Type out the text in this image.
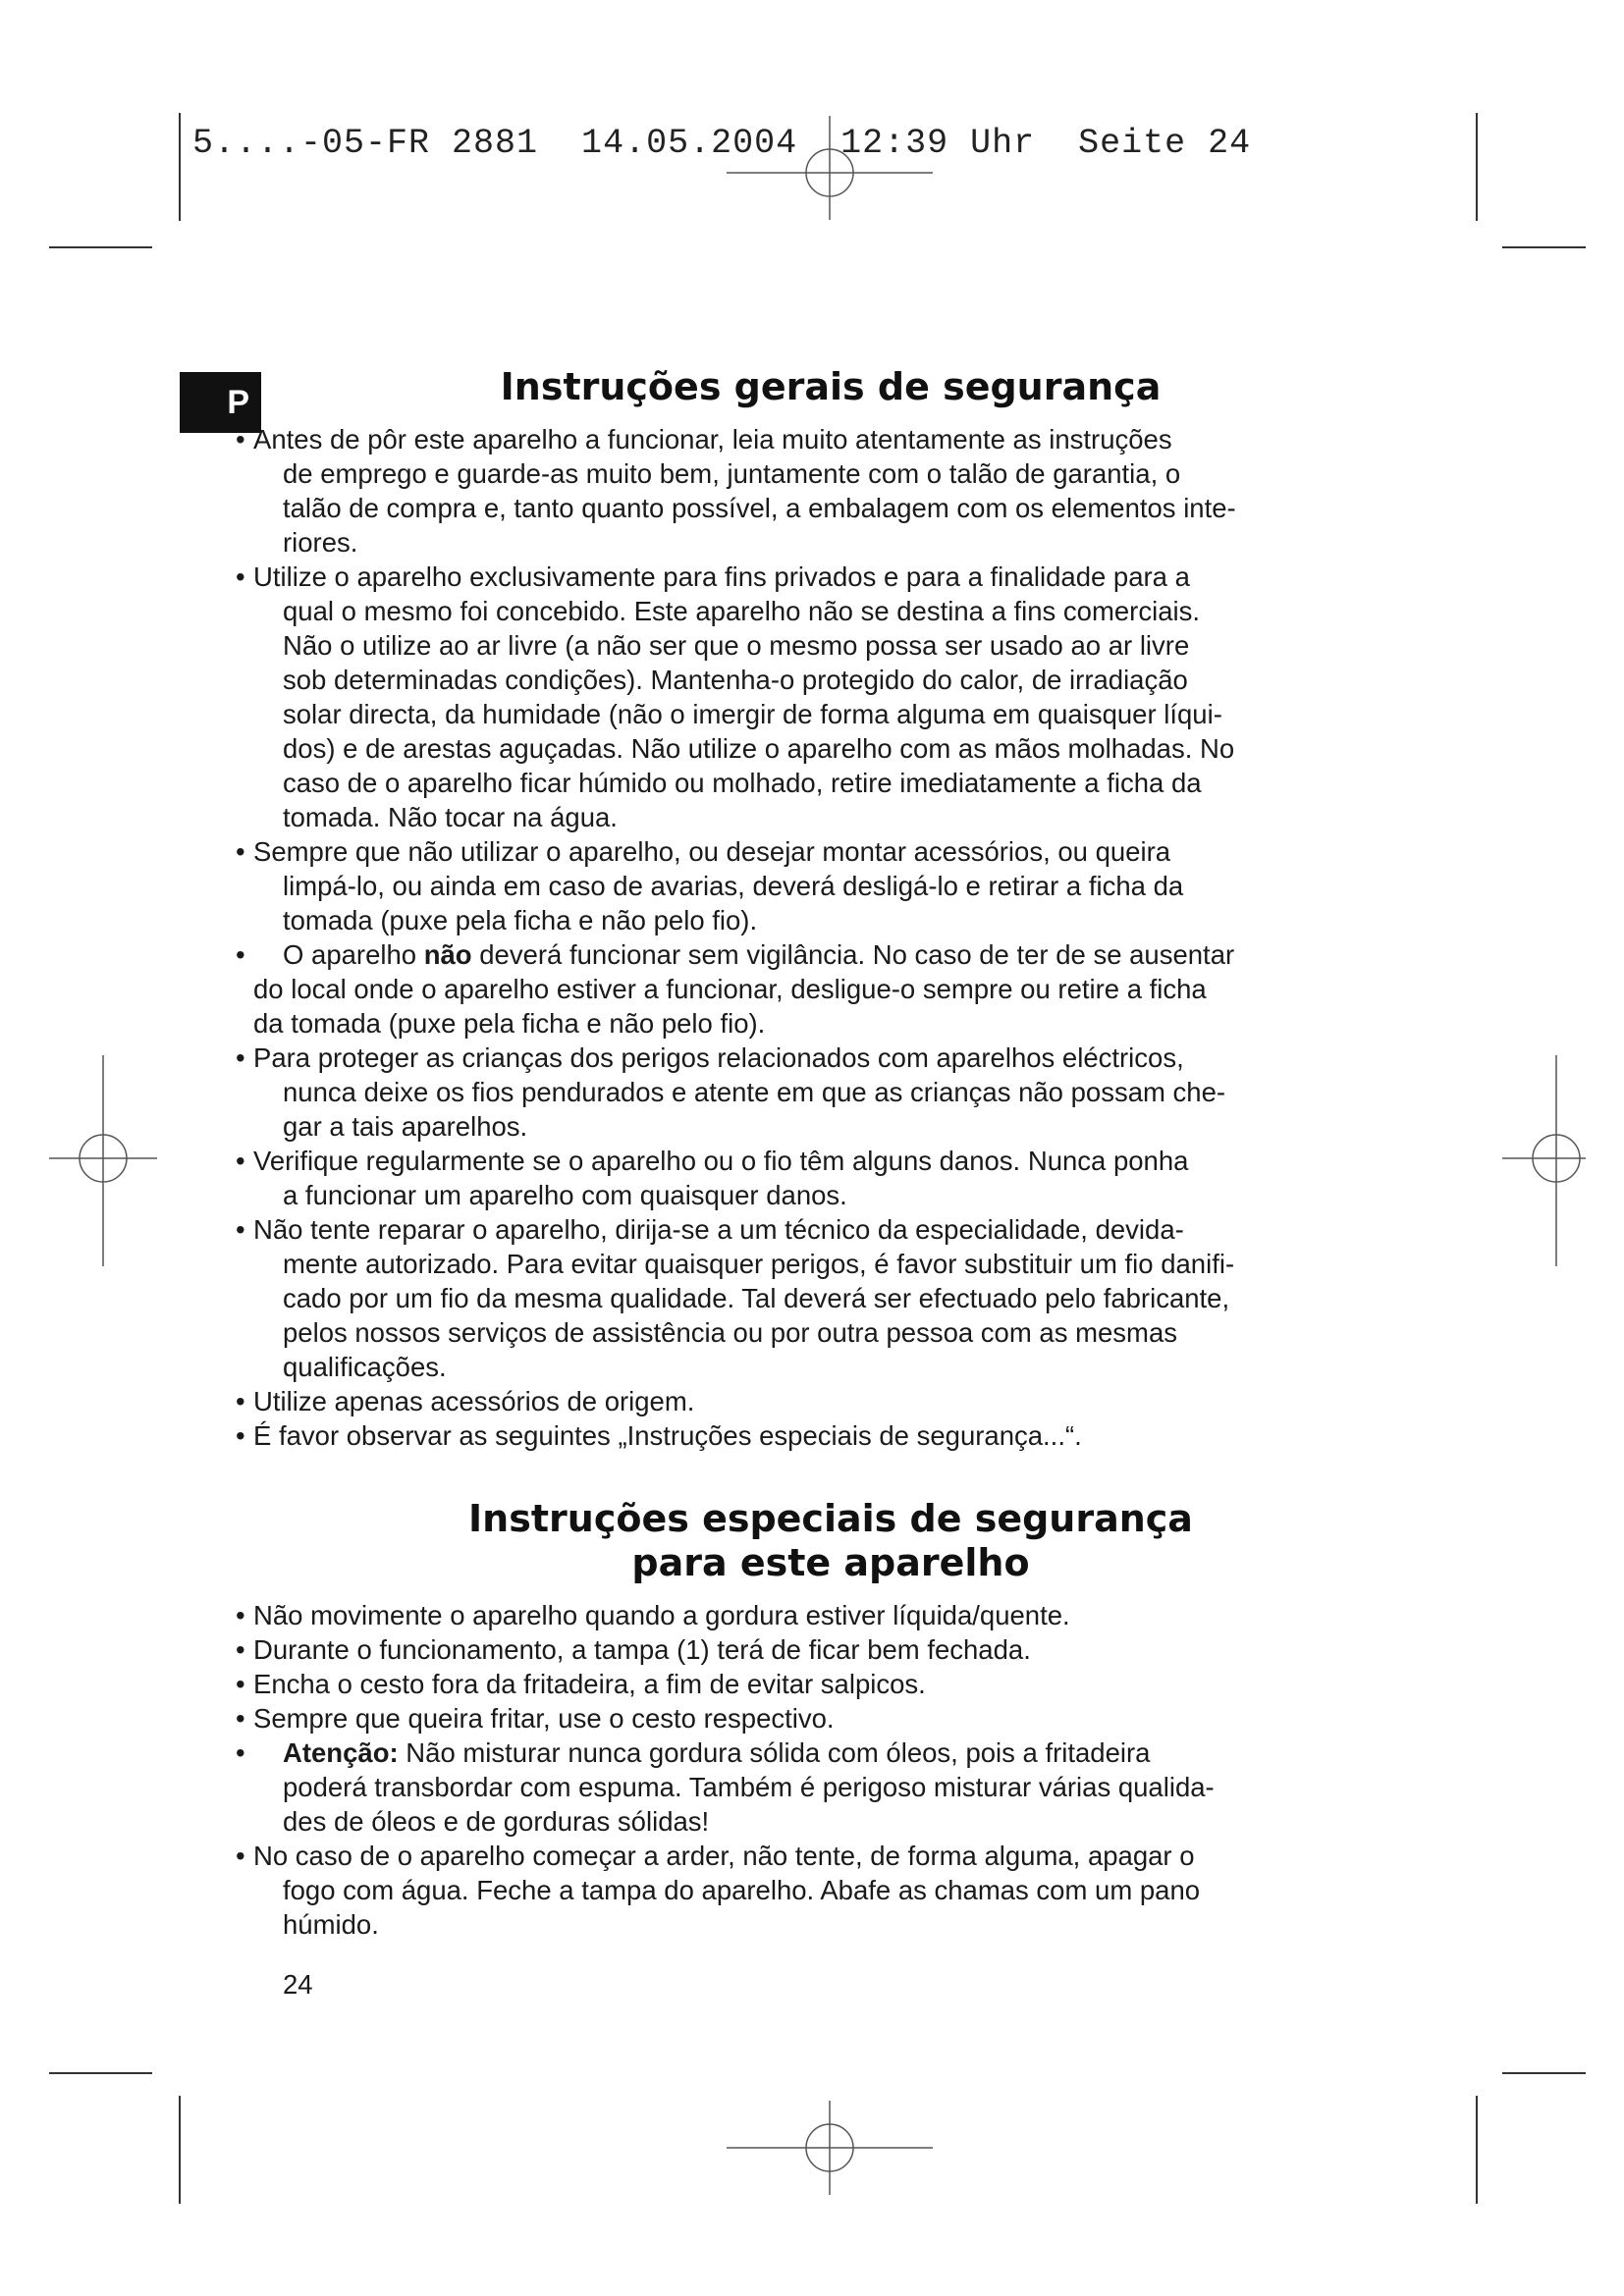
5....-05-FR 2881  14.05.2004  12:39 Uhr  Seite 24
P	Instruções gerais de segurança
• Antes de pôr este aparelho a funcionar, leia muito atentamente as instruções
de emprego e guarde-as muito bem, juntamente com o talão de garantia, o
talão de compra e, tanto quanto possível, a embalagem com os elementos inte-
riores.
• Utilize o aparelho exclusivamente para fins privados e para a finalidade para a
qual o mesmo foi concebido. Este aparelho não se destina a fins comerciais.
Não o utilize ao ar livre (a não ser que o mesmo possa ser usado ao ar livre
sob determinadas condições). Mantenha-o protegido do calor, de irradiação
solar directa, da humidade (não o imergir de forma alguma em quaisquer líqui-
dos) e de arestas aguçadas. Não utilize o aparelho com as mãos molhadas. No
caso de o aparelho ficar húmido ou molhado, retire imediatamente a ficha da
tomada. Não tocar na água.
• Sempre que não utilizar o aparelho, ou desejar montar acessórios, ou queira
limpá-lo, ou ainda em caso de avarias, deverá desligá-lo e retirar a ficha da
tomada (puxe pela ficha e não pelo fio).
• O aparelho não deverá funcionar sem vigilância. No caso de ter de se ausentar
do local onde o aparelho estiver a funcionar, desligue-o sempre ou retire a ficha
da tomada (puxe pela ficha e não pelo fio).
• Para proteger as crianças dos perigos relacionados com aparelhos eléctricos,
nunca deixe os fios pendurados e atente em que as crianças não possam che-
gar a tais aparelhos.
• Verifique regularmente se o aparelho ou o fio têm alguns danos. Nunca ponha
a funcionar um aparelho com quaisquer danos.
• Não tente reparar o aparelho, dirija-se a um técnico da especialidade, devida-
mente autorizado. Para evitar quaisquer perigos, é favor substituir um fio danifi-
cado por um fio da mesma qualidade. Tal deverá ser efectuado pelo fabricante,
pelos nossos serviços de assistência ou por outra pessoa com as mesmas
qualificações.
• Utilize apenas acessórios de origem.
• É favor observar as seguintes „Instruções especiais de segurança...“.
Instruções especiais de segurança
para este aparelho
• Não movimente o aparelho quando a gordura estiver líquida/quente.
• Durante o funcionamento, a tampa (1) terá de ficar bem fechada.
• Encha o cesto fora da fritadeira, a fim de evitar salpicos.
• Sempre que queira fritar, use o cesto respectivo.
• Atenção: Não misturar nunca gordura sólida com óleos, pois a fritadeira
poderá transbordar com espuma. Também é perigoso misturar várias qualida-
des de óleos e de gorduras sólidas!
• No caso de o aparelho começar a arder, não tente, de forma alguma, apagar o
fogo com água. Feche a tampa do aparelho. Abafe as chamas com um pano
húmido.
24
